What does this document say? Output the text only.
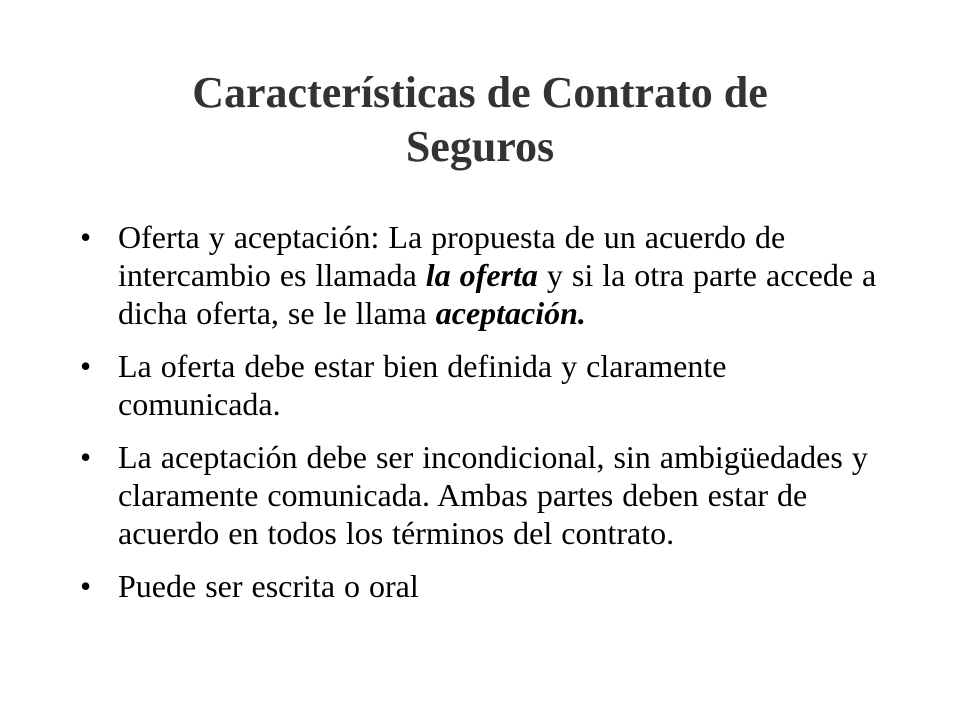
Características de Contrato de
Seguros
• Oferta y aceptación: La propuesta de un acuerdo de intercambio es llamada la oferta y si la otra parte accede a dicha oferta, se le llama aceptación.
• La oferta debe estar bien definida y claramente comunicada.
• La aceptación debe ser incondicional, sin ambigüedades y claramente comunicada. Ambas partes deben estar de acuerdo en todos los términos del contrato.
• Puede ser escrita o oral
